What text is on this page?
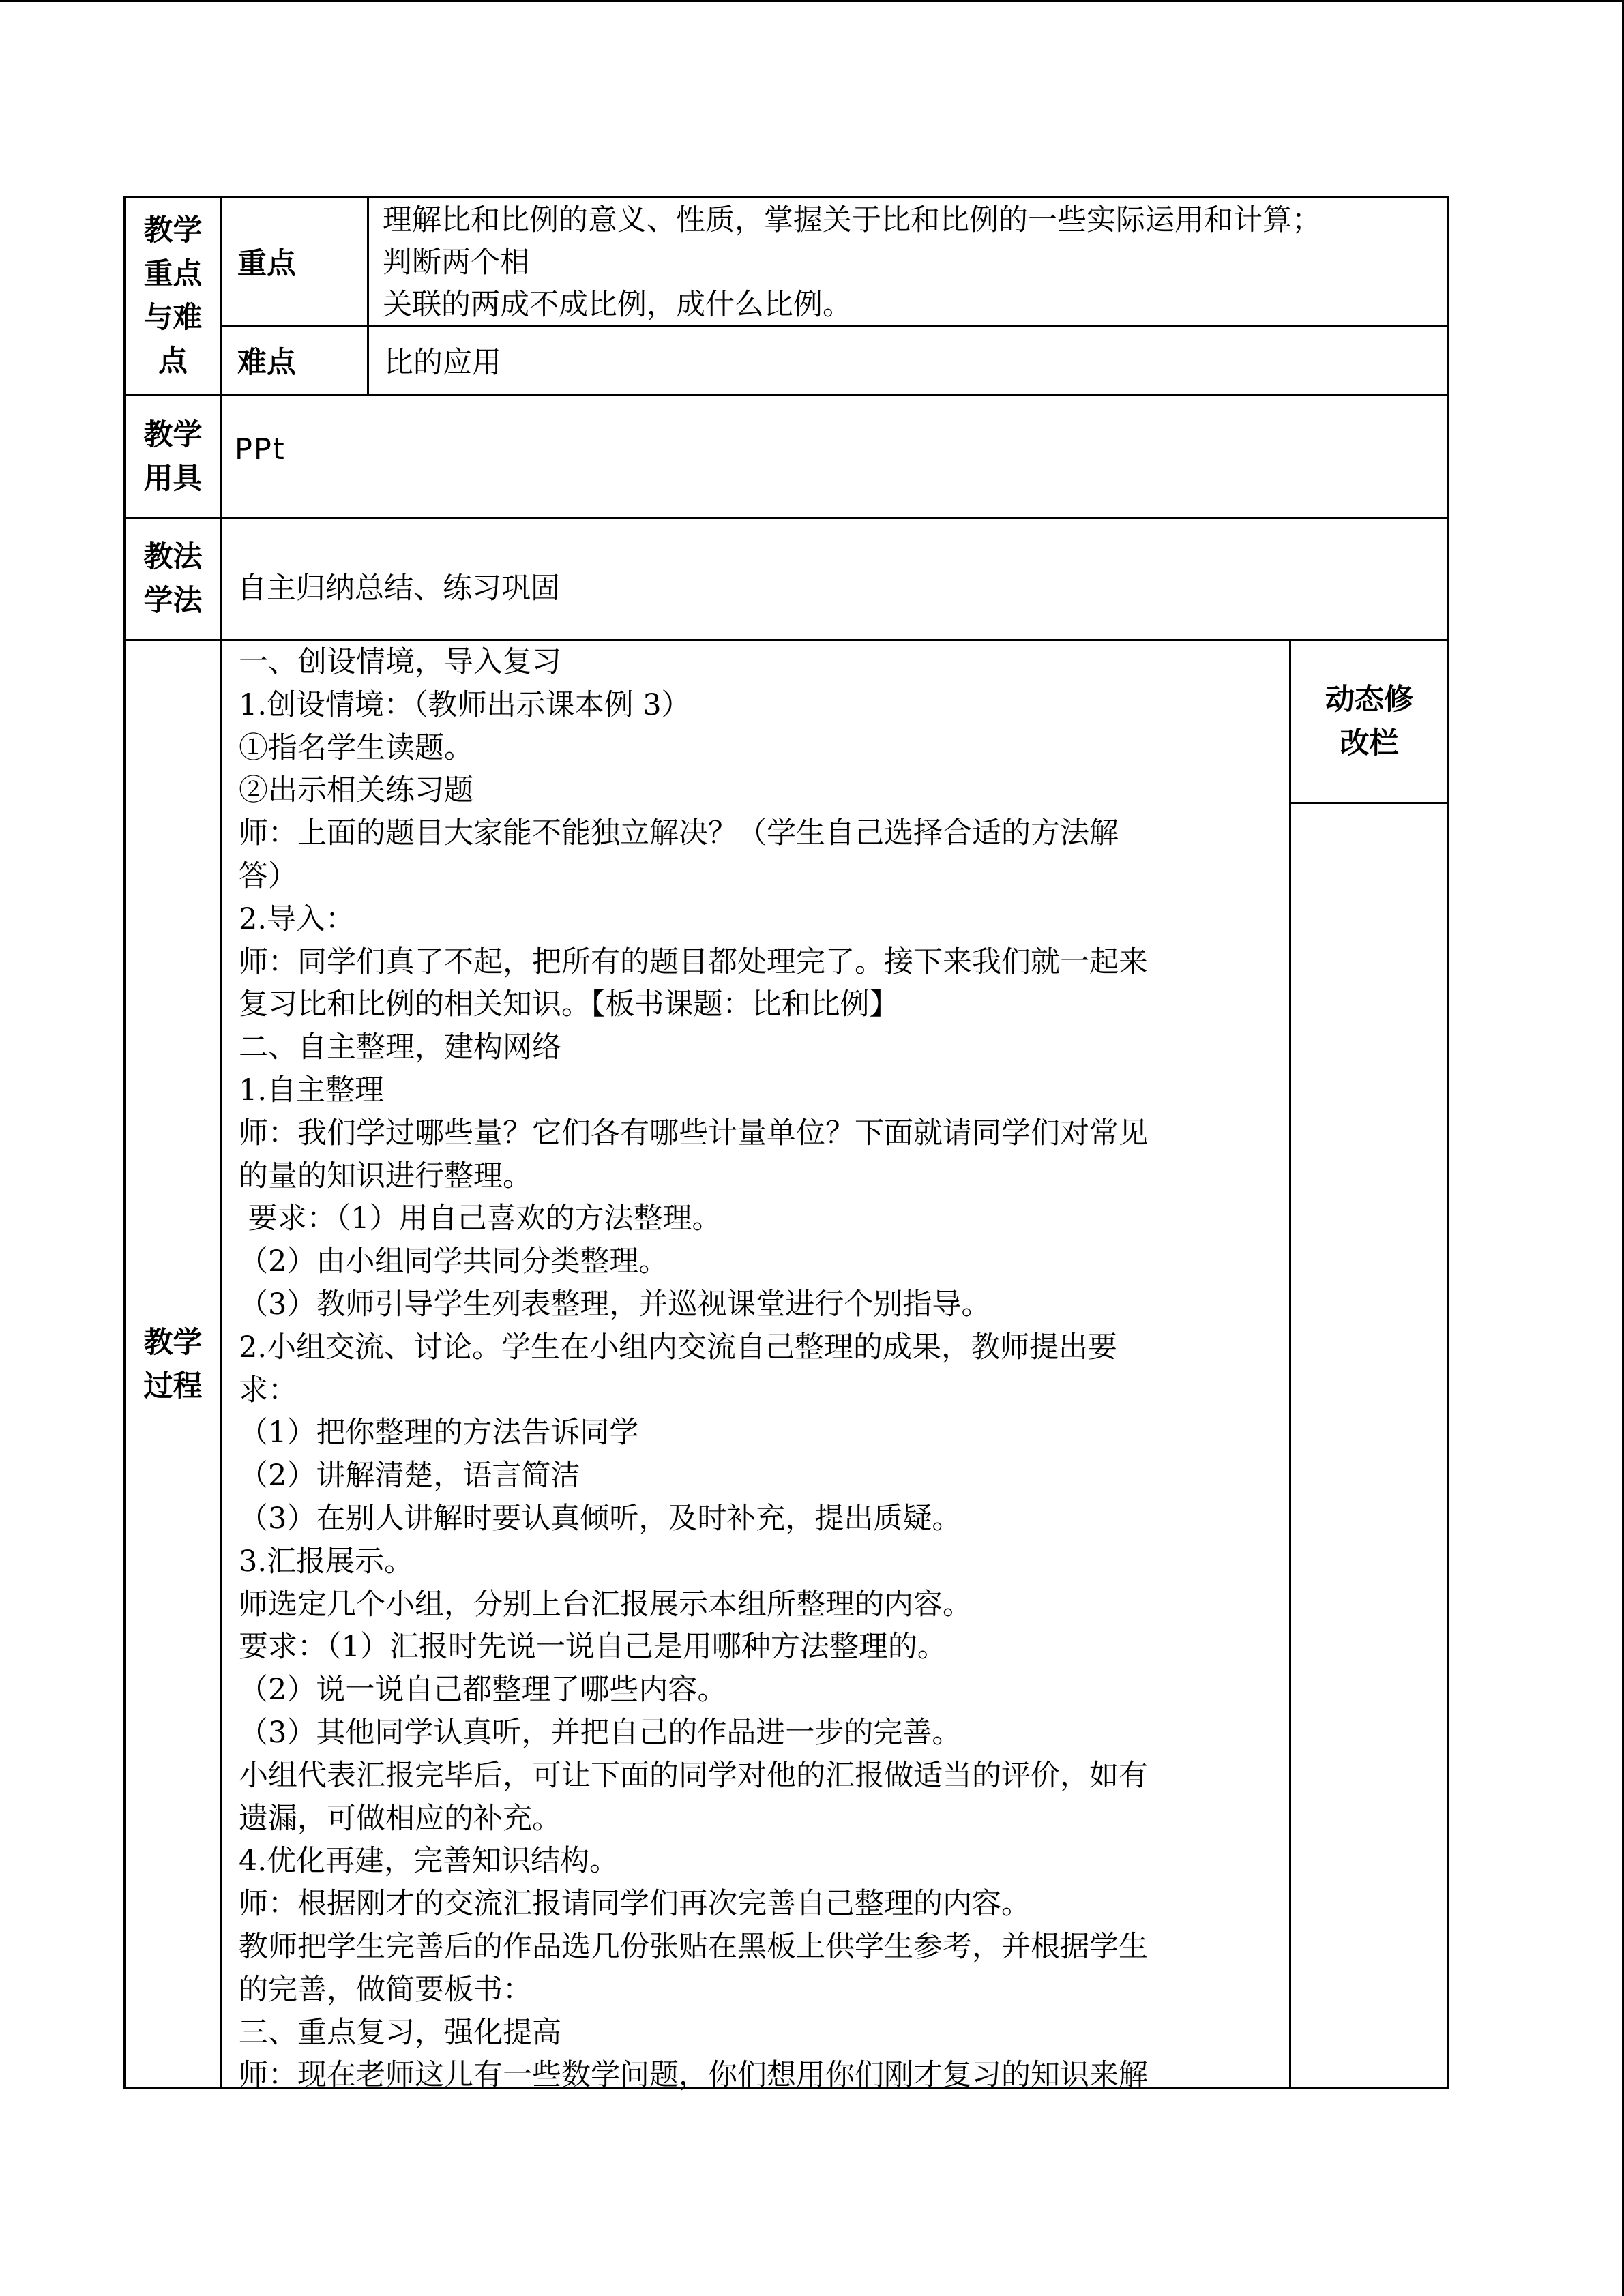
教学
重点
与难
点
重点
理解比和比例的意义、性质，掌握关于比和比例的一些实际运用和计算；
判断两个相
关联的两成不成比例，成什么比例。
难点	比的应用
教学
用具
PPt
教法
学法	自主归纳总结、练习巩固
教学
过程
一、创设情境，导入复习
1.创设情境：（教师出示课本例 3）
①指名学生读题。
②出示相关练习题
师：上面的题目大家能不能独立解决？（学生自己选择合适的方法解
答）
2.导入：
师：同学们真了不起，把所有的题目都处理完了。接下来我们就一起来
复习比和比例的相关知识。【板书课题：比和比例】
二、自主整理，建构网络
1.自主整理
师：我们学过哪些量？它们各有哪些计量单位？下面就请同学们对常见
的量的知识进行整理。
要求：（1）用自己喜欢的方法整理。
（2）由小组同学共同分类整理。
（3）教师引导学生列表整理，并巡视课堂进行个别指导。
2.小组交流、讨论。学生在小组内交流自己整理的成果，教师提出要
求：
（1）把你整理的方法告诉同学
（2）讲解清楚，语言简洁
（3）在别人讲解时要认真倾听，及时补充，提出质疑。
3.汇报展示。
师选定几个小组，分别上台汇报展示本组所整理的内容。
要求：（1）汇报时先说一说自己是用哪种方法整理的。
（2）说一说自己都整理了哪些内容。
（3）其他同学认真听，并把自己的作品进一步的完善。
小组代表汇报完毕后，可让下面的同学对他的汇报做适当的评价，如有
遗漏，可做相应的补充。
4.优化再建，完善知识结构。
师：根据刚才的交流汇报请同学们再次完善自己整理的内容。
教师把学生完善后的作品选几份张贴在黑板上供学生参考，并根据学生
的完善，做简要板书：
三、重点复习，强化提高
师：现在老师这儿有一些数学问题，你们想用你们刚才复习的知识来解
动态修
改栏
